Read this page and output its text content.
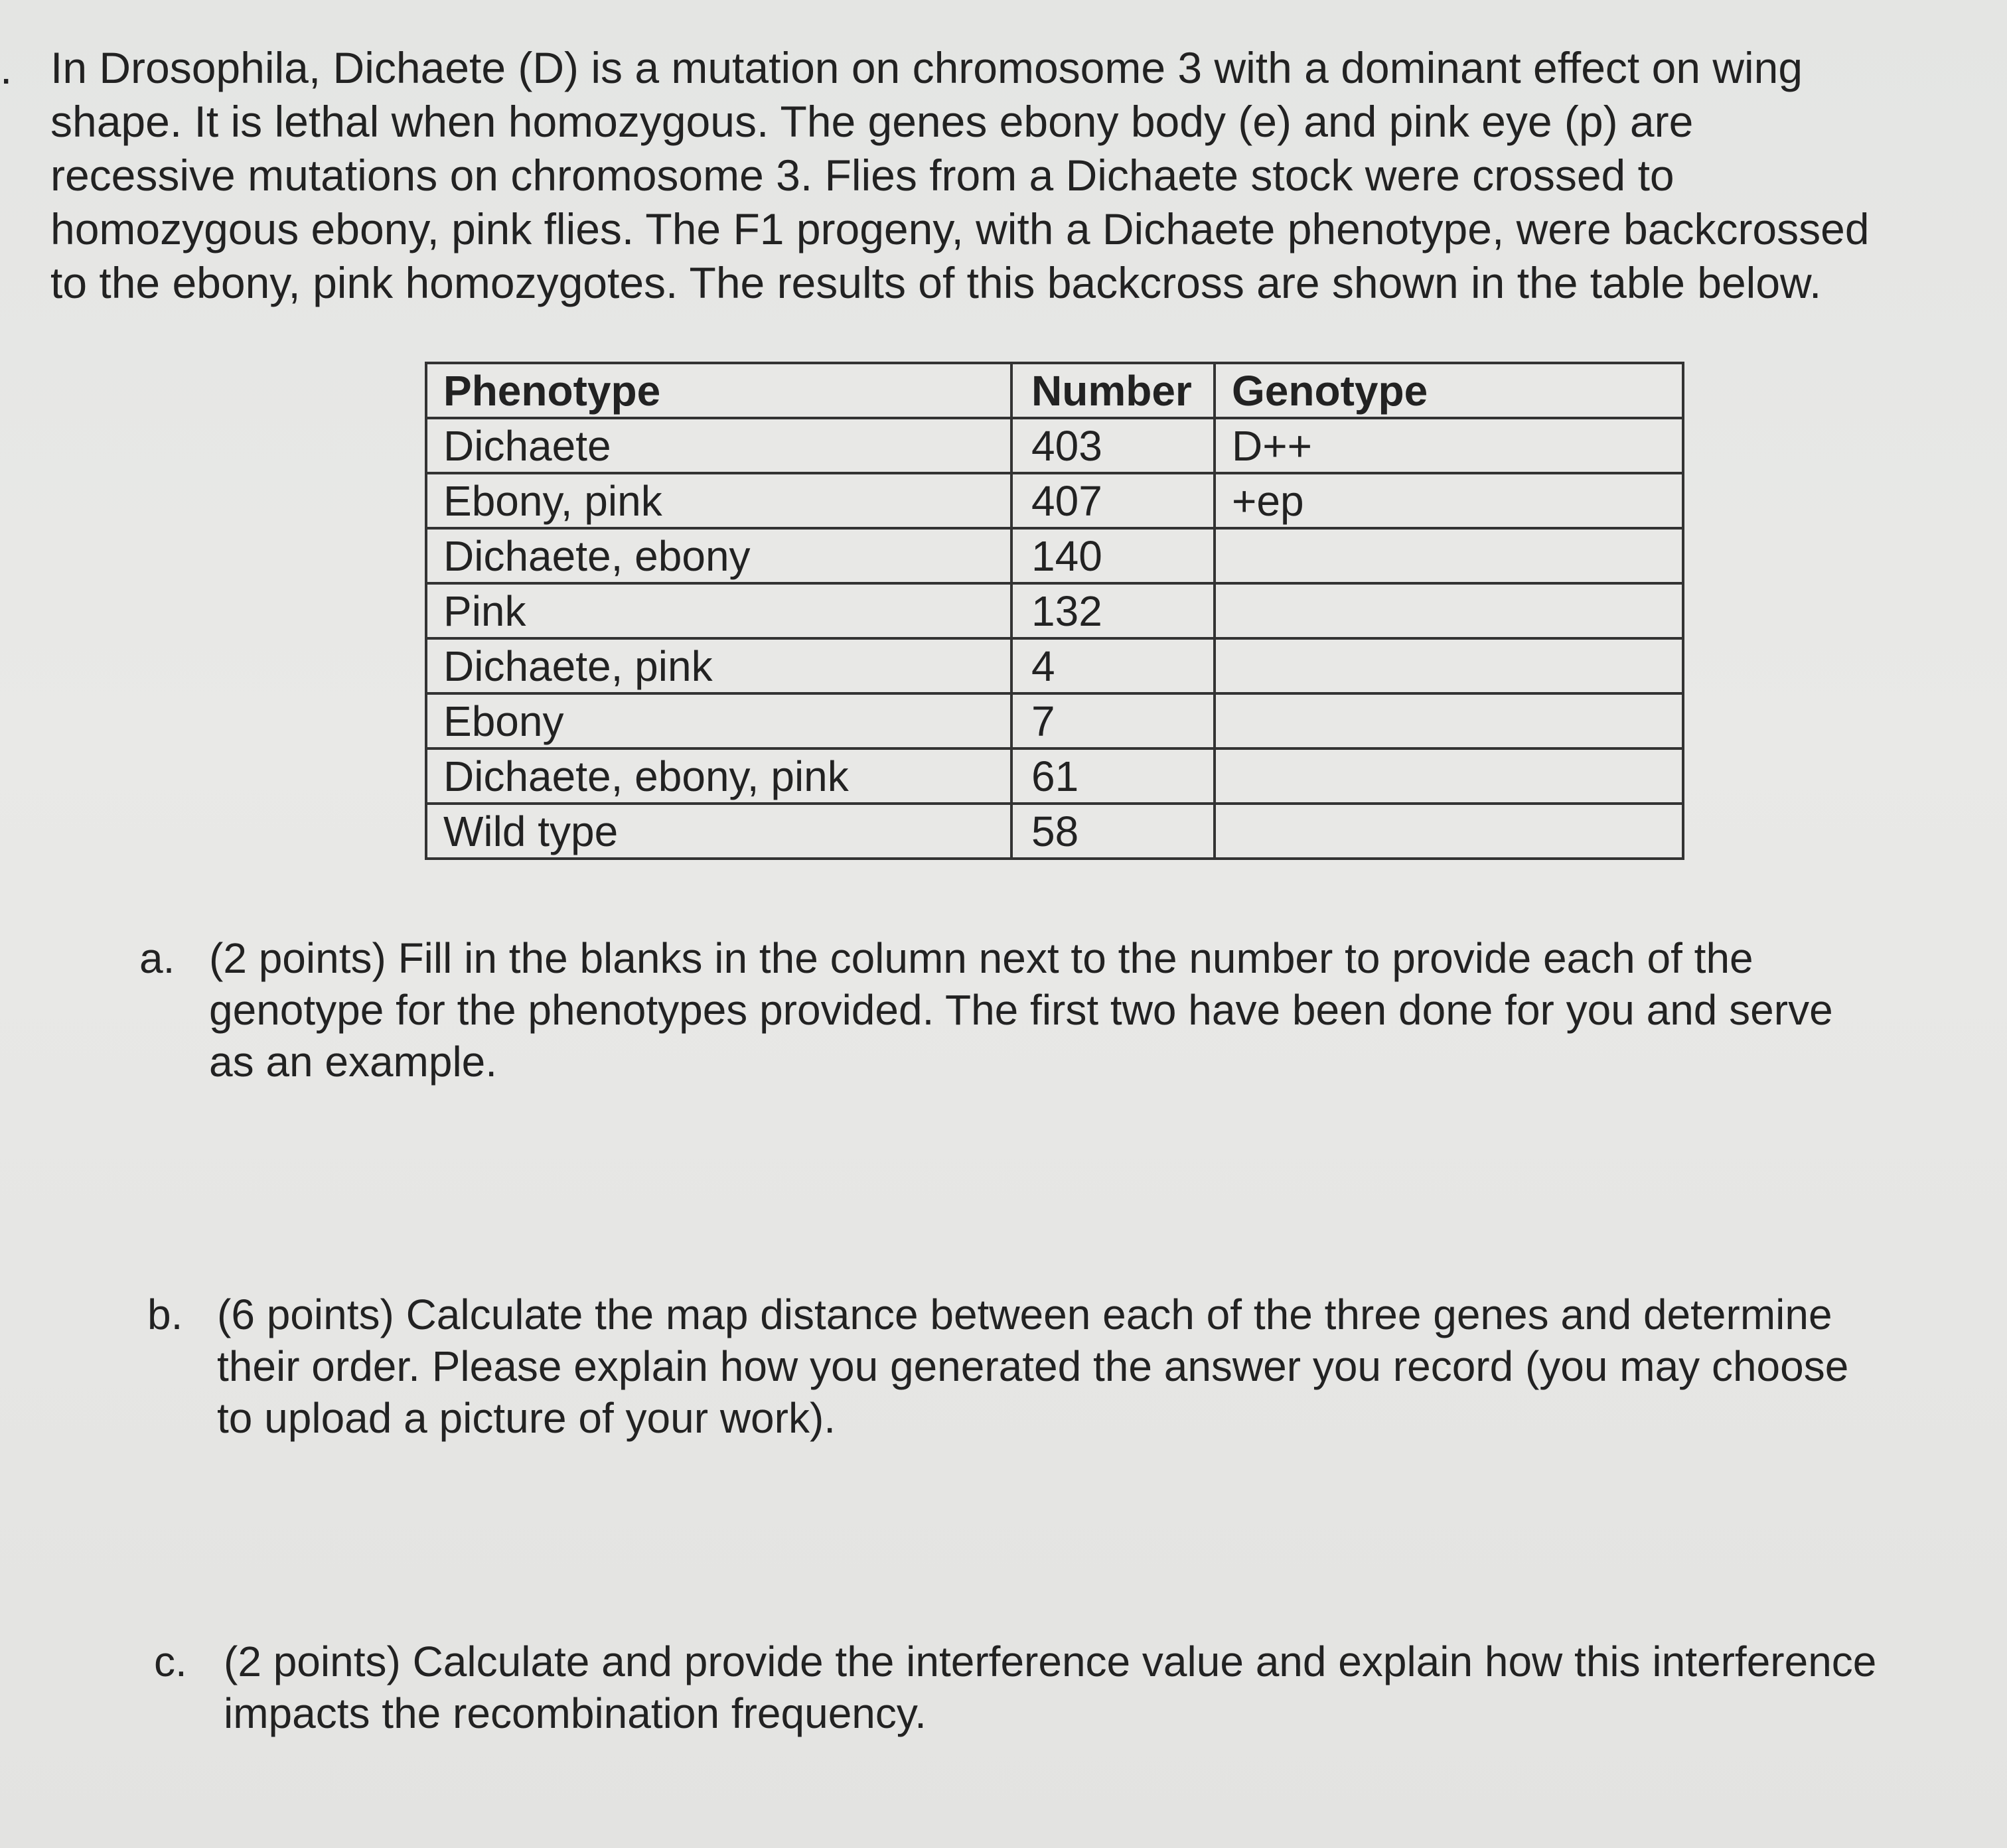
. In Drosophila, Dichaete (D) is a mutation on chromosome 3 with a dominant effect on wing
shape. It is lethal when homozygous. The genes ebony body (e) and pink eye (p) are
recessive mutations on chromosome 3. Flies from a Dichaete stock were crossed to
homozygous ebony, pink flies. The F1 progeny, with a Dichaete phenotype, were backcrossed
to the ebony, pink homozygotes. The results of this backcross are shown in the table below.

Phenotype	Number	Genotype
Dichaete	403	D++
Ebony, pink	407	+ep
Dichaete, ebony	140	
Pink	132	
Dichaete, pink	4	
Ebony	7	
Dichaete, ebony, pink	61	
Wild type	58	
a. (2 points) Fill in the blanks in the column next to the number to provide each of the
genotype for the phenotypes provided. The first two have been done for you and serve
as an example.
b. (6 points) Calculate the map distance between each of the three genes and determine
their order. Please explain how you generated the answer you record (you may choose
to upload a picture of your work).
c. (2 points) Calculate and provide the interference value and explain how this interference
impacts the recombination frequency.
